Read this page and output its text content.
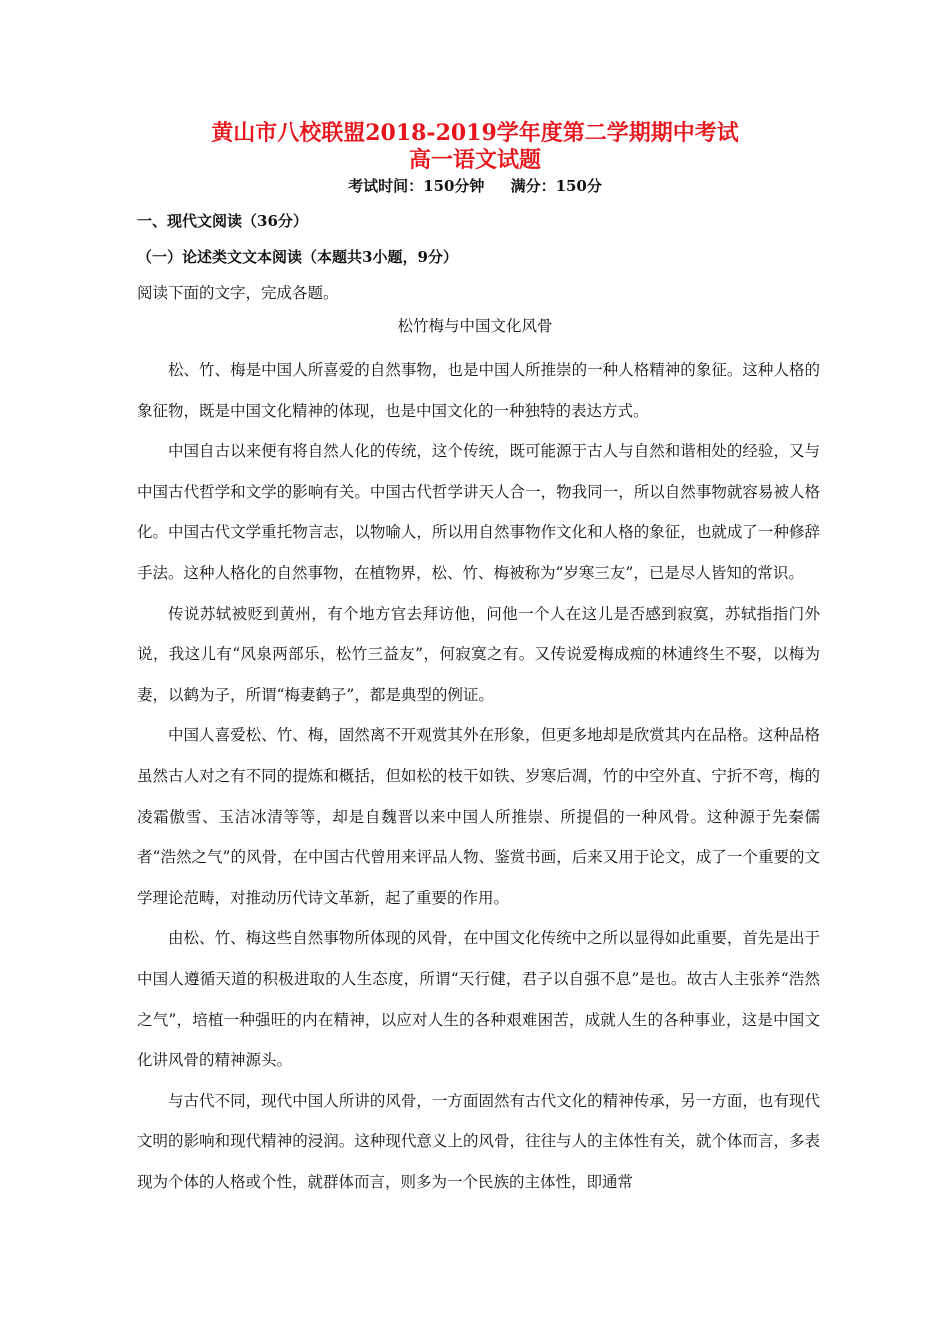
黄山市八校联盟2018-2019学年度第二学期期中考试
高一语文试题
考试时间：150分钟 满分：150分
一、现代文阅读（36分）
（一）论述类文文本阅读（本题共3小题，9分）
阅读下面的文字，完成各题。
松竹梅与中国文化风骨

松、竹、梅是中国人所喜爱的自然事物，也是中国人所推崇的一种人格精神的象征。这种人格的象征物，既是中国文化精神的体现，也是中国文化的一种独特的表达方式。

中国自古以来便有将自然人化的传统，这个传统，既可能源于古人与自然和谐相处的经验，又与中国古代哲学和文学的影响有关。中国古代哲学讲天人合一，物我同一，所以自然事物就容易被人格化。中国古代文学重托物言志，以物喻人，所以用自然事物作文化和人格的象征，也就成了一种修辞手法。这种人格化的自然事物，在植物界，松、竹、梅被称为“岁寒三友”，已是尽人皆知的常识。

传说苏轼被贬到黄州，有个地方官去拜访他，问他一个人在这儿是否感到寂寞，苏轼指指门外说，我这儿有“风泉两部乐，松竹三益友”，何寂寞之有。又传说爱梅成痴的林逋终生不娶，以梅为妻，以鹤为子，所谓“梅妻鹤子”，都是典型的例证。

中国人喜爱松、竹、梅，固然离不开观赏其外在形象，但更多地却是欣赏其内在品格。这种品格虽然古人对之有不同的提炼和概括，但如松的枝干如铁、岁寒后凋，竹的中空外直、宁折不弯，梅的凌霜傲雪、玉洁冰清等等，却是自魏晋以来中国人所推崇、所提倡的一种风骨。这种源于先秦儒者“浩然之气”的风骨，在中国古代曾用来评品人物、鉴赏书画，后来又用于论文，成了一个重要的文学理论范畴，对推动历代诗文革新，起了重要的作用。

由松、竹、梅这些自然事物所体现的风骨，在中国文化传统中之所以显得如此重要，首先是出于中国人遵循天道的积极进取的人生态度，所谓“天行健，君子以自强不息”是也。故古人主张养“浩然之气”，培植一种强旺的内在精神，以应对人生的各种艰难困苦，成就人生的各种事业，这是中国文化讲风骨的精神源头。

与古代不同，现代中国人所讲的风骨，一方面固然有古代文化的精神传承，另一方面，也有现代文明的影响和现代精神的浸润。这种现代意义上的风骨，往往与人的主体性有关，就个体而言，多表现为个体的人格或个性，就群体而言，则多为一个民族的主体性，即通常
